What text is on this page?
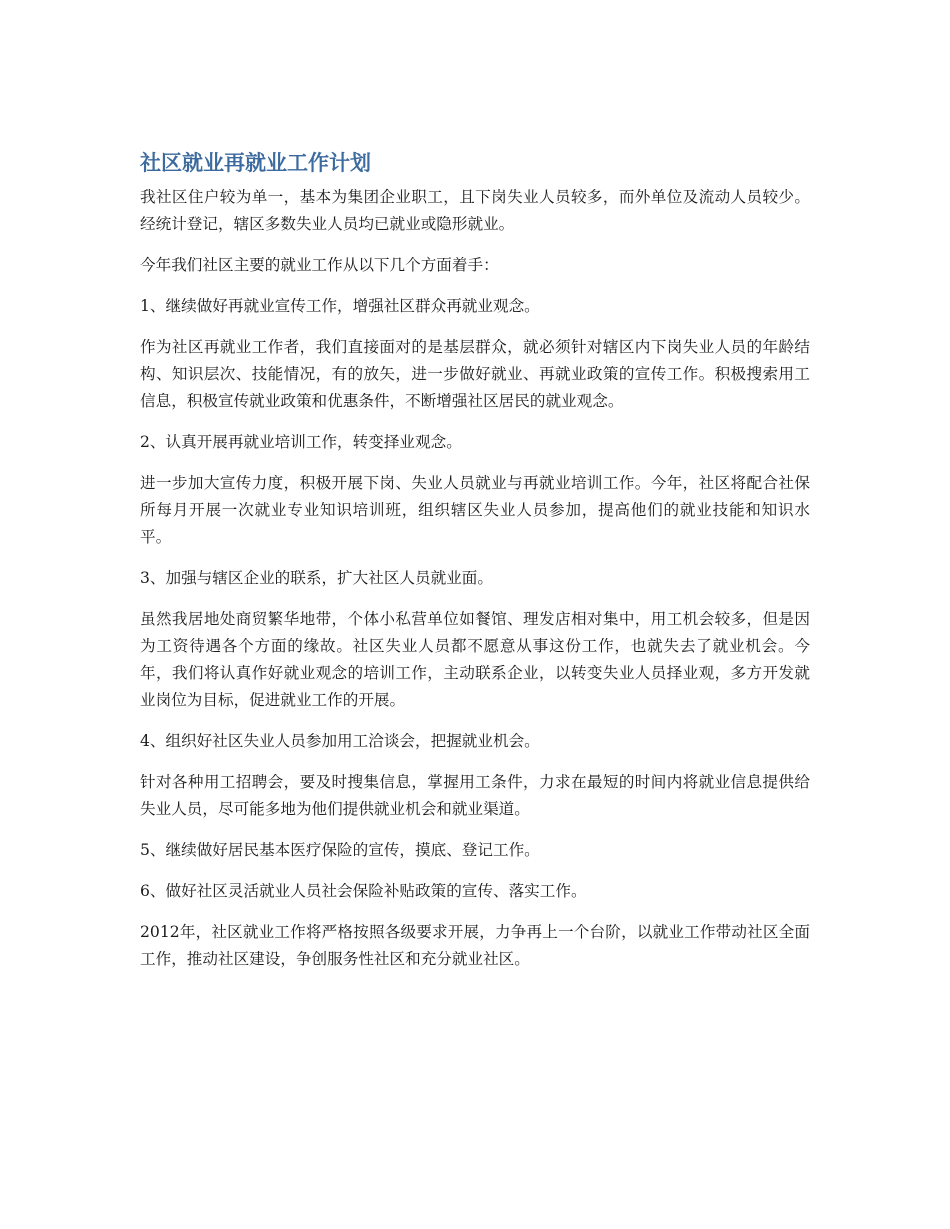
社区就业再就业工作计划

我社区住户较为单一，基本为集团企业职工，且下岗失业人员较多，而外单位及流动人员较少。经统计登记，辖区多数失业人员均已就业或隐形就业。

今年我们社区主要的就业工作从以下几个方面着手：

1、继续做好再就业宣传工作，增强社区群众再就业观念。

作为社区再就业工作者，我们直接面对的是基层群众，就必须针对辖区内下岗失业人员的年龄结构、知识层次、技能情况，有的放矢，进一步做好就业、再就业政策的宣传工作。积极搜索用工信息，积极宣传就业政策和优惠条件，不断增强社区居民的就业观念。

2、认真开展再就业培训工作，转变择业观念。

进一步加大宣传力度，积极开展下岗、失业人员就业与再就业培训工作。今年，社区将配合社保所每月开展一次就业专业知识培训班，组织辖区失业人员参加，提高他们的就业技能和知识水平。

3、加强与辖区企业的联系，扩大社区人员就业面。

虽然我居地处商贸繁华地带，个体小私营单位如餐馆、理发店相对集中，用工机会较多，但是因为工资待遇各个方面的缘故。社区失业人员都不愿意从事这份工作，也就失去了就业机会。今年，我们将认真作好就业观念的培训工作，主动联系企业，以转变失业人员择业观，多方开发就业岗位为目标，促进就业工作的开展。

4、组织好社区失业人员参加用工洽谈会，把握就业机会。

针对各种用工招聘会，要及时搜集信息，掌握用工条件，力求在最短的时间内将就业信息提供给失业人员，尽可能多地为他们提供就业机会和就业渠道。

5、继续做好居民基本医疗保险的宣传，摸底、登记工作。

6、做好社区灵活就业人员社会保险补贴政策的宣传、落实工作。

2012年，社区就业工作将严格按照各级要求开展，力争再上一个台阶，以就业工作带动社区全面工作，推动社区建设，争创服务性社区和充分就业社区。
